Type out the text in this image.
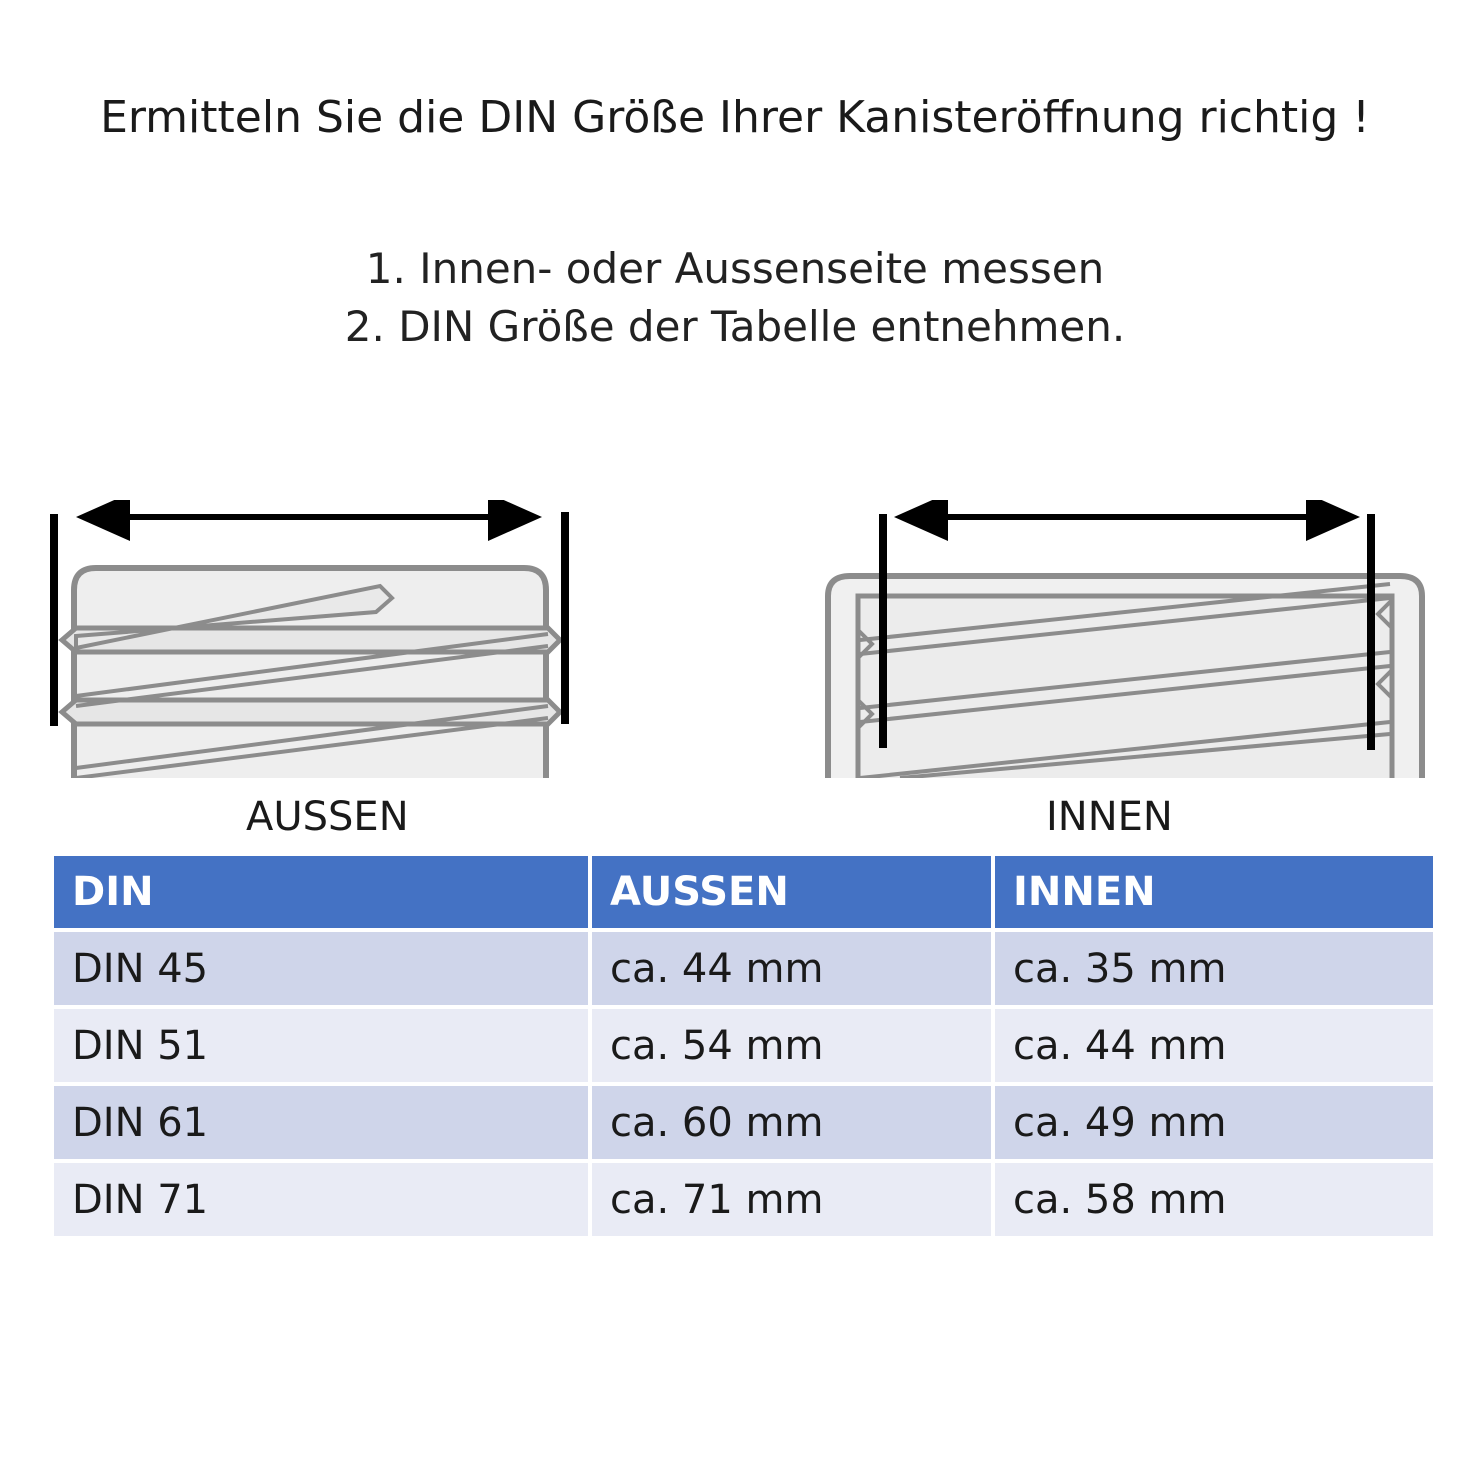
Ermitteln Sie die DIN Größe Ihrer Kanisteröffnung richtig !
1. Innen- oder Aussenseite messen
2. DIN Größe der Tabelle entnehmen.
AUSSEN	INNEN
DIN	AUSSEN	INNEN
DIN 45	ca. 44 mm	ca. 35 mm
DIN 51	ca. 54 mm	ca. 44 mm
DIN 61	ca. 60 mm	ca. 49 mm
DIN 71	ca. 71 mm	ca. 58 mm
